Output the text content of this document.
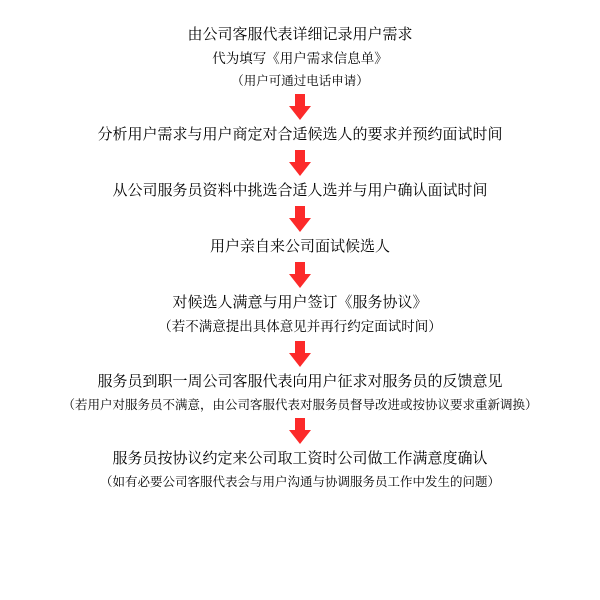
由公司客服代表详细记录用户需求
代为填写《用户需求信息单》
（用户可通过电话申请）
分析用户需求与用户商定对合适候选人的要求并预约面试时间
从公司服务员资料中挑选合适人选并与用户确认面试时间
用户亲自来公司面试候选人
对候选人满意与用户签订《服务协议》
（若不满意提出具体意见并再行约定面试时间）
服务员到职一周公司客服代表向用户征求对服务员的反馈意见
（若用户对服务员不满意，由公司客服代表对服务员督导改进或按协议要求重新调换）
服务员按协议约定来公司取工资时公司做工作满意度确认
（如有必要公司客服代表会与用户沟通与协调服务员工作中发生的问题）
